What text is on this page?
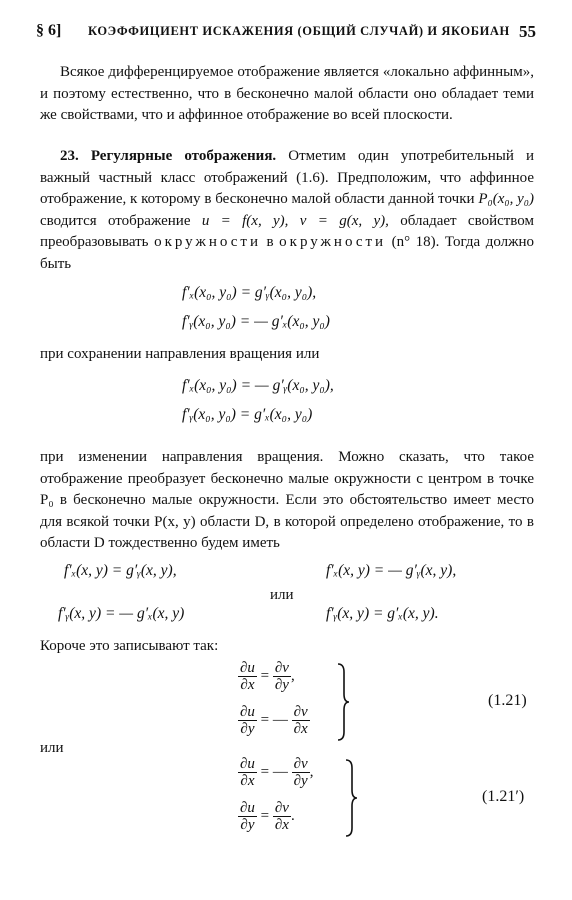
§ 6] КОЭФФИЦИЕНТ ИСКАЖЕНИЯ (ОБЩИЙ СЛУЧАЙ) И ЯКОБИАН 55

Всякое дифференцируемое отображение является «локально аффинным», и поэтому естественно, что в бесконечно малой области оно обладает теми же свойствами, что и аффинное отображение во всей плоскости.

23. Регулярные отображения. Отметим один употребительный и важный частный класс отображений (1.6). Предположим, что аффинное отображение, к которому в бесконечно малой области данной точки P₀(x₀, y₀) сводится отображение u = f(x, y), v = g(x, y), обладает свойством преобразовывать окружности в окружности (n° 18). Тогда должно быть

f′ₓ(x₀, y₀) = g′ᵧ(x₀, y₀),
f′ᵧ(x₀, y₀) = — g′ₓ(x₀, y₀)
при сохранении направления вращения или
f′ₓ(x₀, y₀) = — g′ᵧ(x₀, y₀),
f′ᵧ(x₀, y₀) = g′ₓ(x₀, y₀)

при изменении направления вращения. Можно сказать, что такое отображение преобразует бесконечно малые окружности с центром в точке P₀ в бесконечно малые окружности. Если это обстоятельство имеет место для всякой точки P(x, y) области D, в которой определено отображение, то в области D тождественно будем иметь

f′ₓ(x, y) = g′ᵧ(x, y),	f′ₓ(x, y) = — g′ᵧ(x, y),
или
f′ᵧ(x, y) = — g′ₓ(x, y)	f′ᵧ(x, y) = g′ₓ(x, y).
Короче это записывают так:
$\frac{\partial u}{\partial x} = \frac{\partial v}{\partial y}$ ,
$\frac{\partial u}{\partial y}$ = — $\frac{\partial v}{\partial x}$
(1.21)
или
$\frac{\partial u}{\partial x}$ = — $\frac{\partial v}{\partial y}$ ,
$\frac{\partial u}{\partial y} = \frac{\partial v}{\partial x}$ .
(1.21′)
